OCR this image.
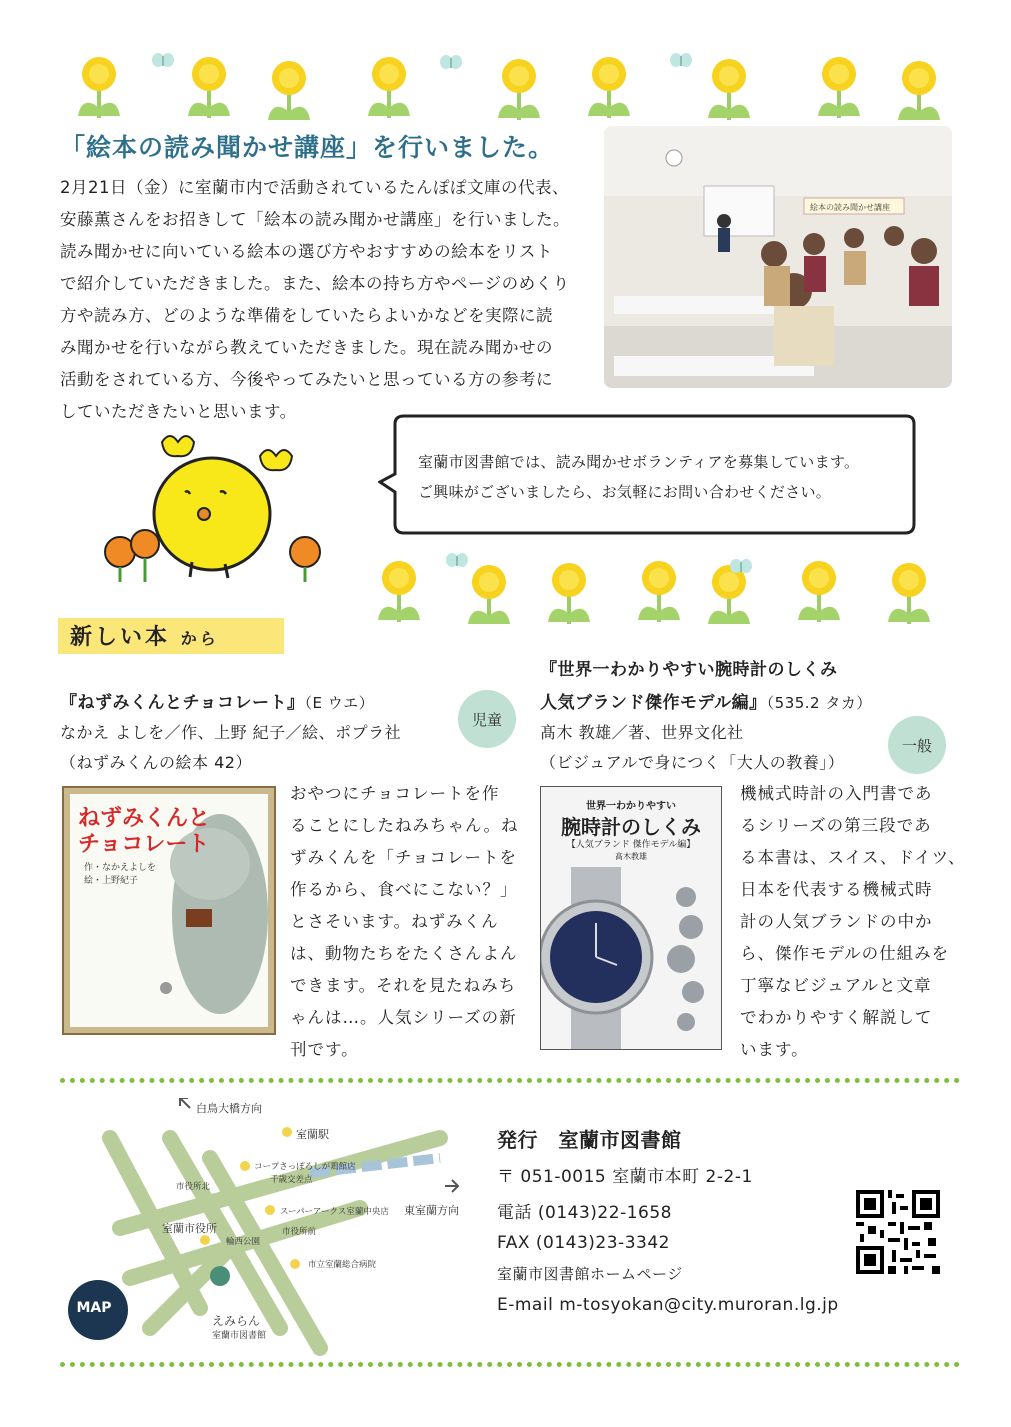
「絵本の読み聞かせ講座」を行いました。
2月21日（金）に室蘭市内で活動されているたんぽぽ文庫の代表、
安藤薫さんをお招きして「絵本の読み聞かせ講座」を行いました。
読み聞かせに向いている絵本の選び方やおすすめの絵本をリスト
で紹介していただきました。また、絵本の持ち方やページのめくり
方や読み方、どのような準備をしていたらよいかなどを実際に読
み聞かせを行いながら教えていただきました。現在読み聞かせの
活動をされている方、今後やってみたいと思っている方の参考に
していただきたいと思います。
絵本の読み聞かせ講座
室蘭市図書館では、読み聞かせボランティアを募集しています。
ご興味がございましたら、お気軽にお問い合わせください。
新しい本 から
『ねずみくんとチョコレート』（E ウエ）
なかえ よしを／作、上野 紀子／絵、ポプラ社
（ねずみくんの絵本 42）
児童
ねずみくんと
チョコレート
作・なかえよしを
絵・上野紀子
おやつにチョコレートを作
ることにしたねみちゃん。ね
ずみくんを「チョコレートを
作るから、食べにこない？」
とさそいます。ねずみくん
は、動物たちをたくさんよん
できます。それを見たねみち
ゃんは…。人気シリーズの新
刊です。
『世界一わかりやすい腕時計のしくみ
人気ブランド傑作モデル編』（535.2 タカ）
髙木 教雄／著、世界文化社
（ビジュアルで身につく「大人の教養」）
一般
世界一わかりやすい
腕時計のしくみ
【人気ブランド 傑作モデル編】
髙木教雄
機械式時計の入門書であ
るシリーズの第三段であ
る本書は、スイス、ドイツ、
日本を代表する機械式時
計の人気ブランドの中か
ら、傑作モデルの仕組みを
丁寧なビジュアルと文章
でわかりやすく解説して
います。
MAP
白鳥大橋方向
室蘭駅
コープさっぽろしが鶏館店
千歳交差点
市役所北
スーパーアークス室蘭中央店 東室蘭方向
市役所前
室蘭市役所
輪西公園
市立室蘭総合病院
えみらん
室蘭市図書館
発行　室蘭市図書館
〒 051-0015 室蘭市本町 2-2-1
電話 (0143)22-1658
FAX (0143)23-3342
室蘭市図書館ホームページ
E-mail m-tosyokan@city.muroran.lg.jp
